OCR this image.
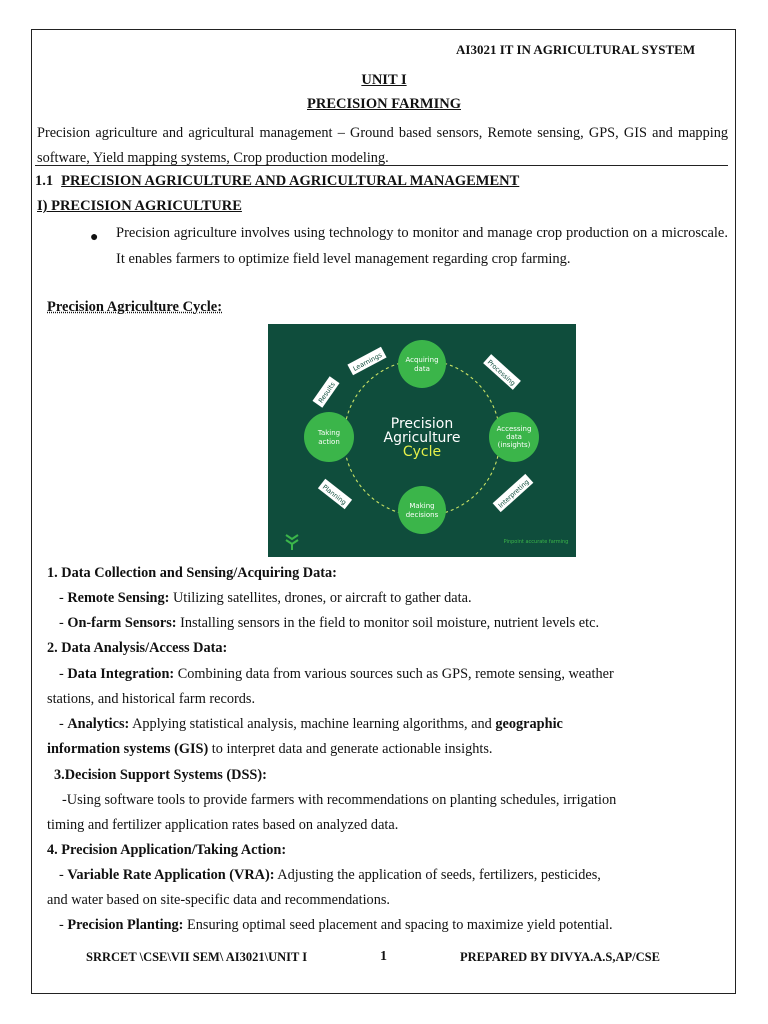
AI3021 IT IN AGRICULTURAL SYSTEM
UNIT I
PRECISION FARMING
Precision agriculture and agricultural management – Ground based sensors, Remote sensing, GPS, GIS and mapping software, Yield mapping systems, Crop production modeling.
1.1 PRECISION AGRICULTURE AND AGRICULTURAL MANAGEMENT
I) PRECISION AGRICULTURE
● Precision agriculture involves using technology to monitor and manage crop production on a microscale. It enables farmers to optimize field level management regarding crop farming.
Precision Agriculture Cycle:
Acquiring
data
Accessing
data
(insights)
Making
decisions
Taking
action
Precision
Agriculture
Cycle
Learnings	Processing
Results
Planning	Interpreting
Pinpoint accurate farming
1. Data Collection and Sensing/Acquiring Data:
- Remote Sensing: Utilizing satellites, drones, or aircraft to gather data.
- On-farm Sensors: Installing sensors in the field to monitor soil moisture, nutrient levels etc.
2. Data Analysis/Access Data:
- Data Integration: Combining data from various sources such as GPS, remote sensing, weather
stations, and historical farm records.
- Analytics: Applying statistical analysis, machine learning algorithms, and geographic
information systems (GIS) to interpret data and generate actionable insights.
3.Decision Support Systems (DSS):
-Using software tools to provide farmers with recommendations on planting schedules, irrigation
timing and fertilizer application rates based on analyzed data.
4. Precision Application/Taking Action:
- Variable Rate Application (VRA): Adjusting the application of seeds, fertilizers, pesticides,
and water based on site-specific data and recommendations.
- Precision Planting: Ensuring optimal seed placement and spacing to maximize yield potential.
SRRCET \CSE\VII SEM\ AI3021\UNIT I	1	PREPARED BY DIVYA.A.S,AP/CSE
